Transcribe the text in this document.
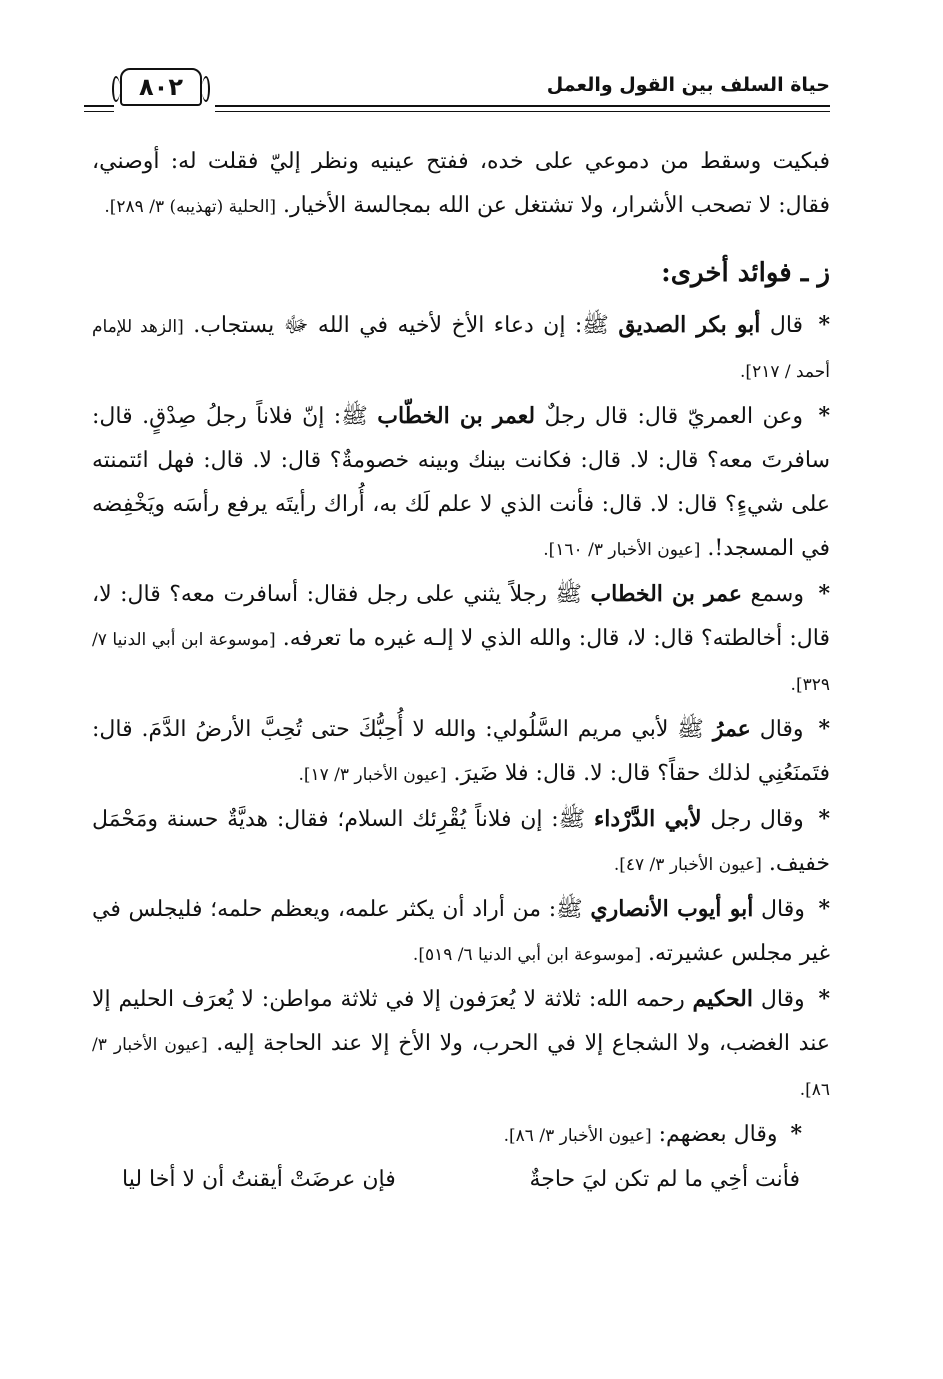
حياة السلف بين القول والعمل
٨٠٢

فبكيت وسقط من دموعي على خده، ففتح عينيه ونظر إليّ فقلت له: أوصني، فقال: لا تصحب الأشرار، ولا تشتغل عن الله بمجالسة الأخيار. [الحلية (تهذيبه) ٣/ ٢٨٩].

ز ـ فوائد أخرى:

* قال أبو بكر الصديق ﷺ: إن دعاء الأخ لأخيه في الله ﷻ يستجاب. [الزهد للإمام أحمد / ٢١٧].

* وعن العمريّ قال: قال رجلٌ لعمر بن الخطّاب ﷺ: إنّ فلاناً رجلُ صِدْقٍ. قال: سافرتَ معه؟ قال: لا. قال: فكانت بينك وبينه خصومةٌ؟ قال: لا. قال: فهل ائتمنته على شيءٍ؟ قال: لا. قال: فأنت الذي لا علم لَك به، أُراك رأيتَه يرفع رأسَه ويَخْفِضه في المسجد!. [عيون الأخبار ٣/ ١٦٠].

* وسمع عمر بن الخطاب ﷺ رجلاً يثني على رجل فقال: أسافرت معه؟ قال: لا، قال: أخالطته؟ قال: لا، قال: والله الذي لا إلـه غيره ما تعرفه. [موسوعة ابن أبي الدنيا ٧/ ٣٢٩].

* وقال عمرُ ﷺ لأبي مريم السَّلُولي: والله لا أُحِبُّكَ حتى تُحِبَّ الأرضُ الدَّمَ. قال: فتَمنَعُنِي لذلك حقاً؟ قال: لا. قال: فلا ضَيرَ. [عيون الأخبار ٣/ ١٧].

* وقال رجل لأبي الدَّرْداء ﷺ: إن فلاناً يُقْرِئك السلام؛ فقال: هديَّةٌ حسنة ومَحْمَل خفيف. [عيون الأخبار ٣/ ٤٧].

* وقال أبو أيوب الأنصاري ﷺ: من أراد أن يكثر علمه، ويعظم حلمه؛ فليجلس في غير مجلس عشيرته. [موسوعة ابن أبي الدنيا ٦/ ٥١٩].

* وقال الحكيم رحمه الله: ثلاثة لا يُعرَفون إلا في ثلاثة مواطن: لا يُعرَف الحليم إلا عند الغضب، ولا الشجاع إلا في الحرب، ولا الأخ إلا عند الحاجة إليه. [عيون الأخبار ٣/ ٨٦].

* وقال بعضهم: [عيون الأخبار ٣/ ٨٦].

فأنت أخِي ما لم تكن ليَ حاجةٌ
فإن عرضَتْ أيقنتُ أن لا أخا ليا
